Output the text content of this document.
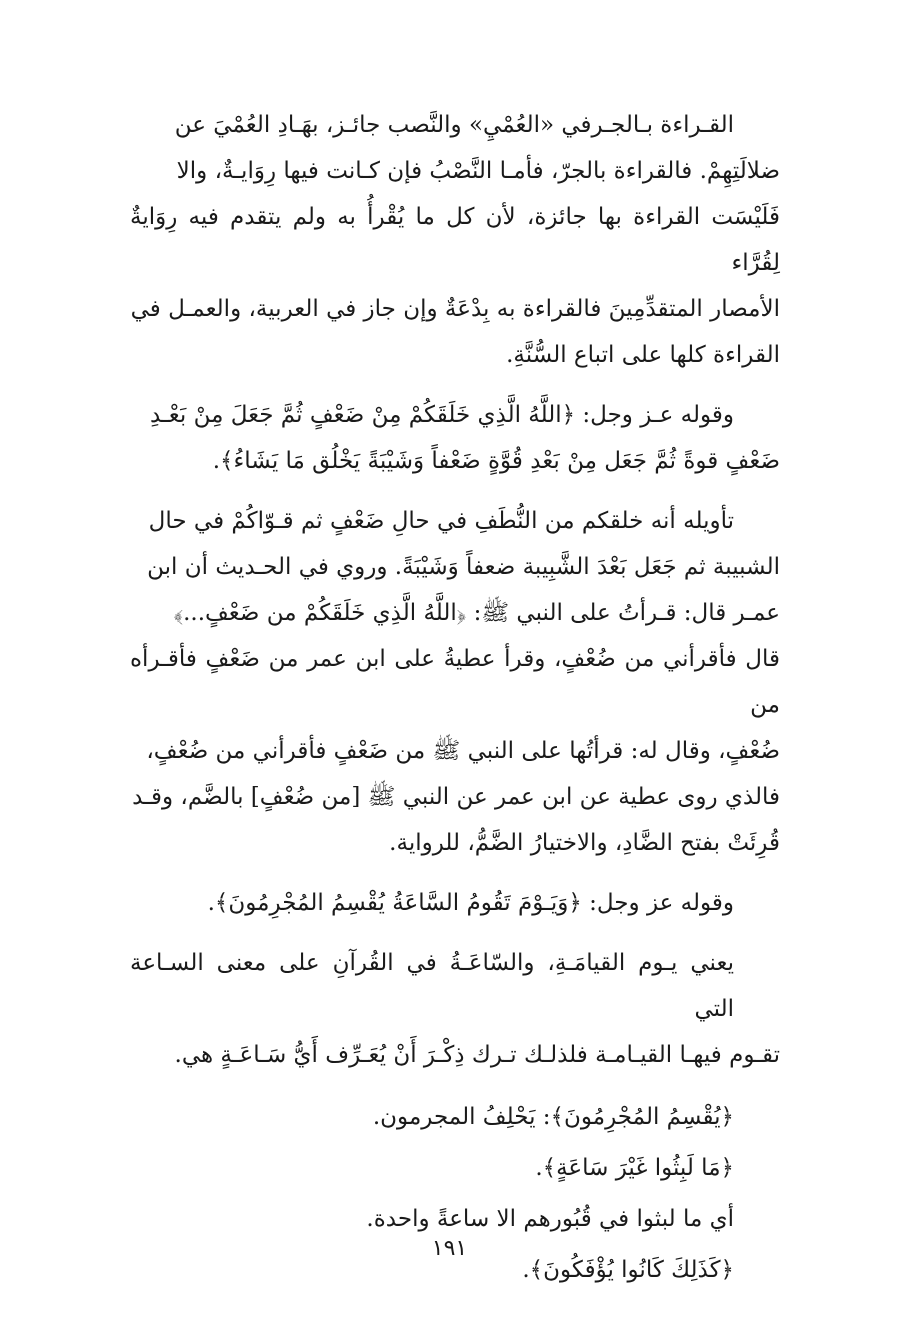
القـراءة بـالجـرفي «العُمْيِ» والنَّصب جائـز، بهَـادِ العُمْيَ عن
ضلالَتِهِمْ. فالقراءة بالجرّ، فأمـا النَّصْبُ فإن كـانت فيها رِوَايـةٌ، والا
فَلَيْسَت القراءة بها جائزة، لأن كل ما يُقْرأُ به ولم يتقدم فيه رِوَايةٌ لِقُرَّاء
الأمصار المتقدِّمِينَ فالقراءة به بِدْعَةٌ وإن جاز في العربية، والعمـل في
القراءة كلها على اتباع السُّنَّةِ.

وقوله عـز وجل: ﴿اللَّهُ الَّذِي خَلَقَكُمْ مِنْ ضَعْفٍ ثُمَّ جَعَلَ مِنْ بَعْـدِ
ضَعْفٍ قوةً ثُمَّ جَعَل مِنْ بَعْدِ قُوَّةٍ ضَعْفاً وَشَيْبَةً يَخْلُق مَا يَشَاءُ﴾.

تأويله أنه خلقكم من النُّطَفِ في حالِ ضَعْفٍ ثم قـوّاكُمْ في حال
الشبيبة ثم جَعَل بَعْدَ الشَّبِيبة ضعفاً وَشَيْبَةً. وروي في الحـديث أن ابن
عمـر قال: قـرأتُ على النبي ﷺ: ﴿اللَّهُ الَّذِي خَلَقَكُمْ من ضَعْفٍ...﴾
قال فأقرأني من ضُعْفٍ، وقرأ عطيةُ على ابن عمر من ضَعْفٍ فأقـرأه من
ضُعْفٍ، وقال له: قرأتُها على النبي ﷺ من ضَعْفٍ فأقرأني من ضُعْفٍ،
فالذي روى عطية عن ابن عمر عن النبي ﷺ [من ضُعْفٍ] بالضَّم، وقـد
قُرِئَتْ بفتح الضَّادِ، والاختيارُ الضَّمُّ، للرواية.

وقوله عز وجل: ﴿وَيَـوْمَ تَقُومُ السَّاعَةُ يُقْسِمُ المُجْرِمُونَ﴾.

يعني يـوم القيامَـةِ، والسّاعَـةُ في القُرآنِ على معنى السـاعة التي
تقـوم فيهـا القيـامـة فلذلـك تـرك ذِكْـرَ أَنْ يُعَـرِّف أَيُّ سَـاعَـةٍ هي.

﴿يُقْسِمُ المُجْرِمُونَ﴾: يَحْلِفُ المجرمون.
﴿مَا لَبِثُوا غَيْرَ سَاعَةٍ﴾.
أي ما لبثوا في قُبُورهم الا ساعةً واحدة.
﴿كَذَلِكَ كَانُوا يُؤْفَكُونَ﴾.

١٩١
